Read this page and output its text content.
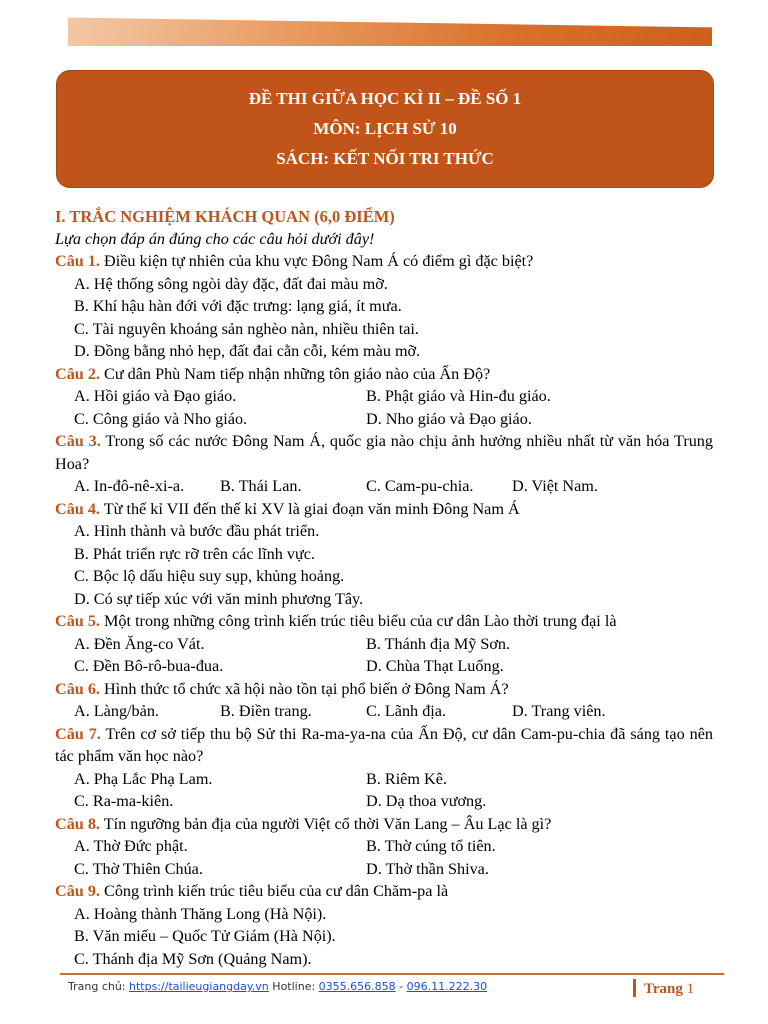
ĐỀ THI GIỮA HỌC KÌ II – ĐỀ SỐ 1
MÔN: LỊCH SỬ 10
SÁCH: KẾT NỐI TRI THỨC
I. TRẮC NGHIỆM KHÁCH QUAN (6,0 ĐIỂM)
Lựa chọn đáp án đúng cho các câu hỏi dưới đây!
Câu 1. Điều kiện tự nhiên của khu vực Đông Nam Á có điểm gì đặc biệt?
A. Hệ thống sông ngòi dày đặc, đất đai màu mỡ.
B. Khí hậu hàn đới với đặc trưng: lạng giá, ít mưa.
C. Tài nguyên khoáng sản nghèo nàn, nhiều thiên tai.
D. Đồng bằng nhỏ hẹp, đất đai cằn cỗi, kém màu mỡ.
Câu 2. Cư dân Phù Nam tiếp nhận những tôn giáo nào của Ấn Độ?
A. Hồi giáo và Đạo giáo.	B. Phật giáo và Hin-đu giáo.
C. Công giáo và Nho giáo.	D. Nho giáo và Đạo giáo.
Câu 3. Trong số các nước Đông Nam Á, quốc gia nào chịu ảnh hưởng nhiều nhất từ văn hóa Trung Hoa?
A. In-đô-nê-xi-a.	B. Thái Lan.	C. Cam-pu-chia.	D. Việt Nam.
Câu 4. Từ thế kỉ VII đến thế kỉ XV là giai đoạn văn minh Đông Nam Á
A. Hình thành và bước đầu phát triển.
B. Phát triển rực rỡ trên các lĩnh vực.
C. Bộc lộ dấu hiệu suy sụp, khủng hoảng.
D. Có sự tiếp xúc với văn minh phương Tây.
Câu 5. Một trong những công trình kiến trúc tiêu biểu của cư dân Lào thời trung đại là
A. Đền Ăng-co Vát.	B. Thánh địa Mỹ Sơn.
C. Đền Bô-rô-bua-đua.	D. Chùa Thạt Luổng.
Câu 6. Hình thức tổ chức xã hội nào tồn tại phổ biến ở Đông Nam Á?
A. Làng/bản.	B. Điền trang.	C. Lãnh địa.	D. Trang viên.
Câu 7. Trên cơ sở tiếp thu bộ Sử thi Ra-ma-ya-na của Ấn Độ, cư dân Cam-pu-chia đã sáng tạo nên tác phẩm văn học nào?
A. Phạ Lắc Phạ Lam.	B. Riêm Kê.
C. Ra-ma-kiên.	D. Dạ thoa vương.
Câu 8. Tín ngưỡng bản địa của người Việt cổ thời Văn Lang – Âu Lạc là gì?
A. Thờ Đức phật.	B. Thờ cúng tổ tiên.
C. Thờ Thiên Chúa.	D. Thờ thần Shiva.
Câu 9. Công trình kiến trúc tiêu biểu của cư dân Chăm-pa là
A. Hoàng thành Thăng Long (Hà Nội).
B. Văn miếu – Quốc Tử Giám (Hà Nội).
C. Thánh địa Mỹ Sơn (Quảng Nam).
Trang chủ: https://tailieugiangday.vn Hotline: 0355.656.858 - 096.11.222.30	Trang 1
